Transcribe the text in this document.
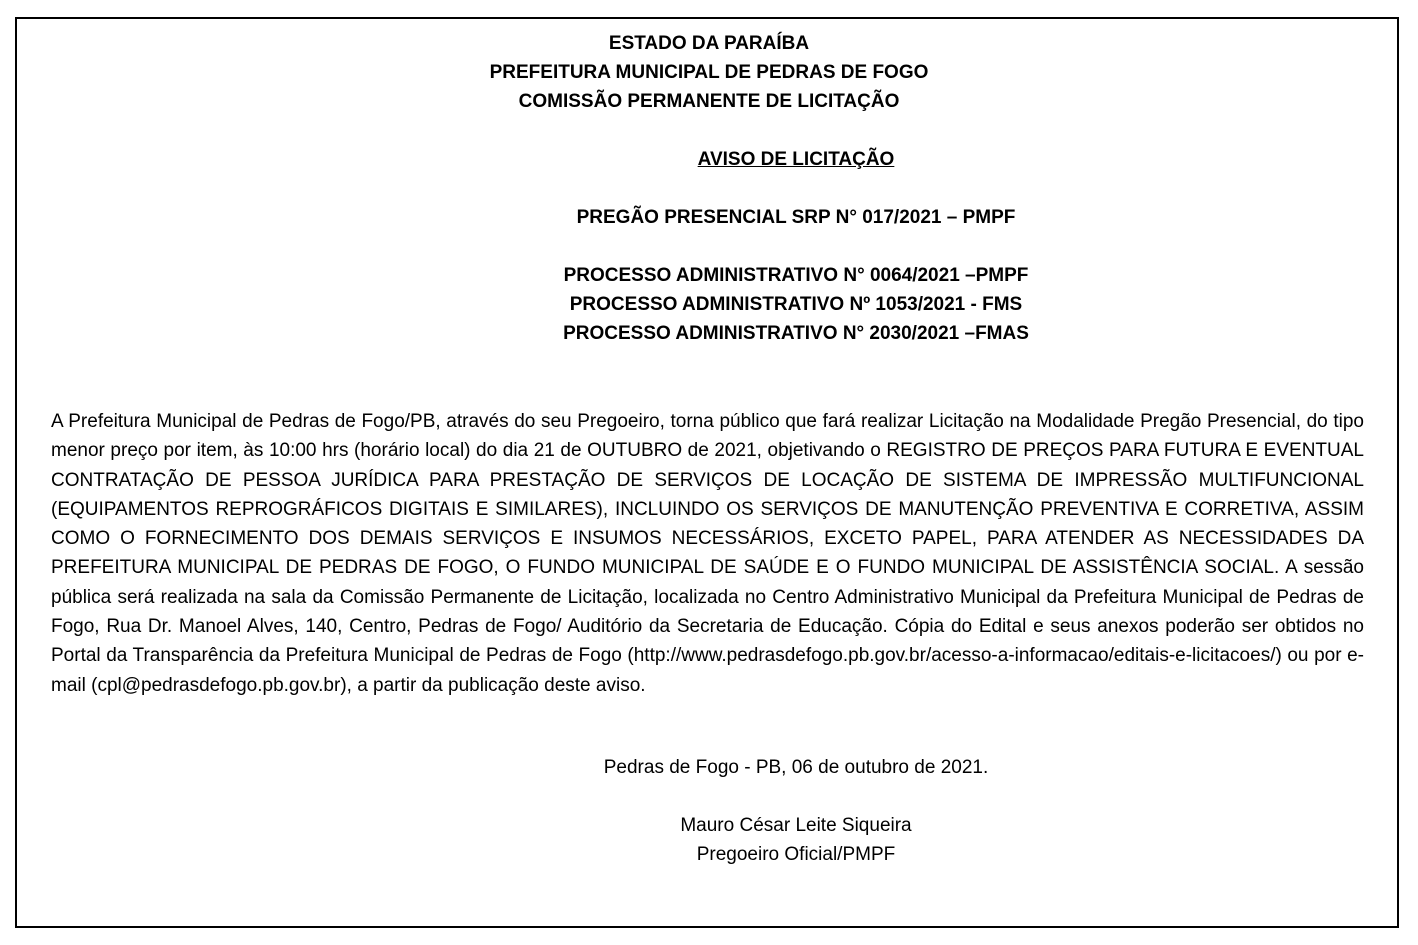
ESTADO DA PARAÍBA
PREFEITURA MUNICIPAL DE PEDRAS DE FOGO
COMISSÃO PERMANENTE DE LICITAÇÃO
AVISO DE LICITAÇÃO
PREGÃO PRESENCIAL SRP N° 017/2021 – PMPF
PROCESSO ADMINISTRATIVO N° 0064/2021 –PMPF
PROCESSO ADMINISTRATIVO Nº 1053/2021 - FMS
PROCESSO ADMINISTRATIVO N° 2030/2021 –FMAS

A Prefeitura Municipal de Pedras de Fogo/PB, através do seu Pregoeiro, torna público que fará realizar Licitação na Modalidade Pregão Presencial, do tipo menor preço por item, às 10:00 hrs (horário local) do dia 21 de OUTUBRO de 2021, objetivando o REGISTRO DE PREÇOS PARA FUTURA E EVENTUAL CONTRATAÇÃO DE PESSOA JURÍDICA PARA PRESTAÇÃO DE SERVIÇOS DE LOCAÇÃO DE SISTEMA DE IMPRESSÃO MULTIFUNCIONAL (EQUIPAMENTOS REPROGRÁFICOS DIGITAIS E SIMILARES), INCLUINDO OS SERVIÇOS DE MANUTENÇÃO PREVENTIVA E CORRETIVA, ASSIM COMO O FORNECIMENTO DOS DEMAIS SERVIÇOS E INSUMOS NECESSÁRIOS, EXCETO PAPEL, PARA ATENDER AS NECESSIDADES DA PREFEITURA MUNICIPAL DE PEDRAS DE FOGO, O FUNDO MUNICIPAL DE SAÚDE E O FUNDO MUNICIPAL DE ASSISTÊNCIA SOCIAL. A sessão pública será realizada na sala da Comissão Permanente de Licitação, localizada no Centro Administrativo Municipal da Prefeitura Municipal de Pedras de Fogo, Rua Dr. Manoel Alves, 140, Centro, Pedras de Fogo/ Auditório da Secretaria de Educação. Cópia do Edital e seus anexos poderão ser obtidos no Portal da Transparência da Prefeitura Municipal de Pedras de Fogo (http://www.pedrasdefogo.pb.gov.br/acesso-a-informacao/editais-e-licitacoes/) ou por e-mail (cpl@pedrasdefogo.pb.gov.br), a partir da publicação deste aviso.

Pedras de Fogo - PB, 06 de outubro de 2021.
Mauro César Leite Siqueira
Pregoeiro Oficial/PMPF
